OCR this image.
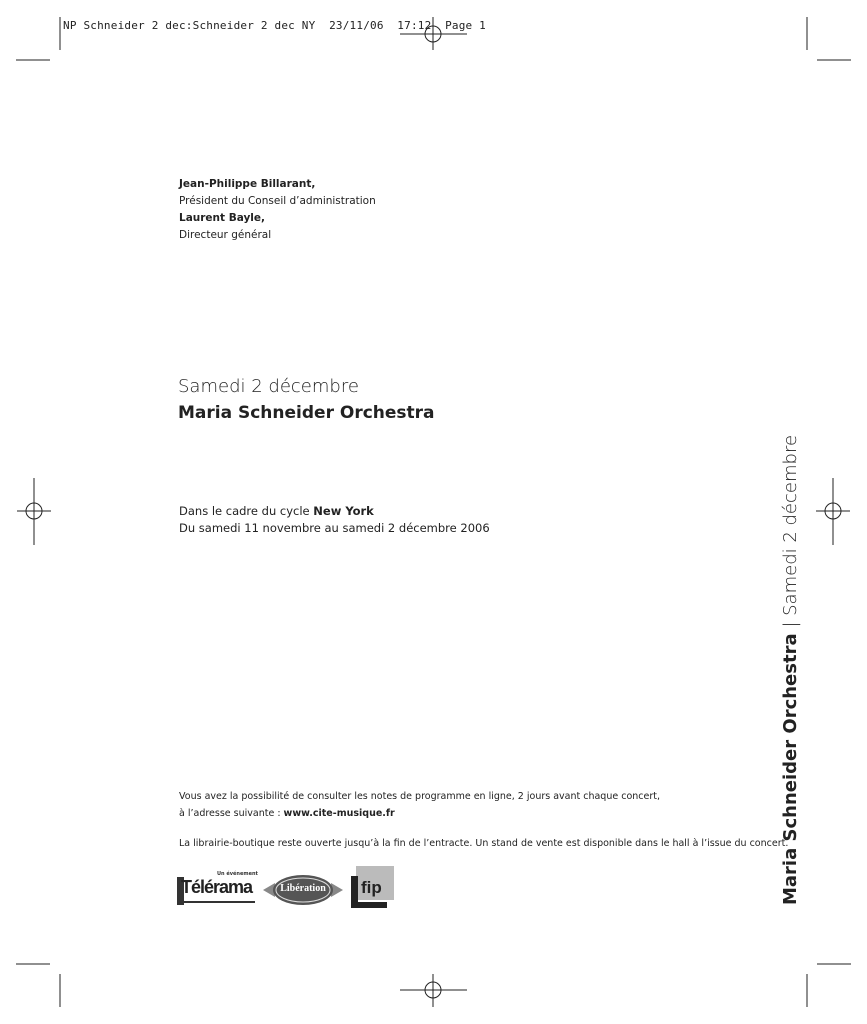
NP Schneider 2 dec:Schneider 2 dec NY  23/11/06  17:12  Page 1
Jean-Philippe Billarant,
Président du Conseil d’administration
Laurent Bayle,
Directeur général
Samedi 2 décembre
Maria Schneider Orchestra
Dans le cadre du cycle New York
Du samedi 11 novembre au samedi 2 décembre 2006
Vous avez la possibilité de consulter les notes de programme en ligne, 2 jours avant chaque concert,
à l’adresse suivante : www.cite-musique.fr
La librairie-boutique reste ouverte jusqu’à la fin de l’entracte. Un stand de vente est disponible dans le hall à l’issue du concert.
Maria Schneider Orchestra | Samedi 2 décembre
Un événement
Télérama	Libération fip
